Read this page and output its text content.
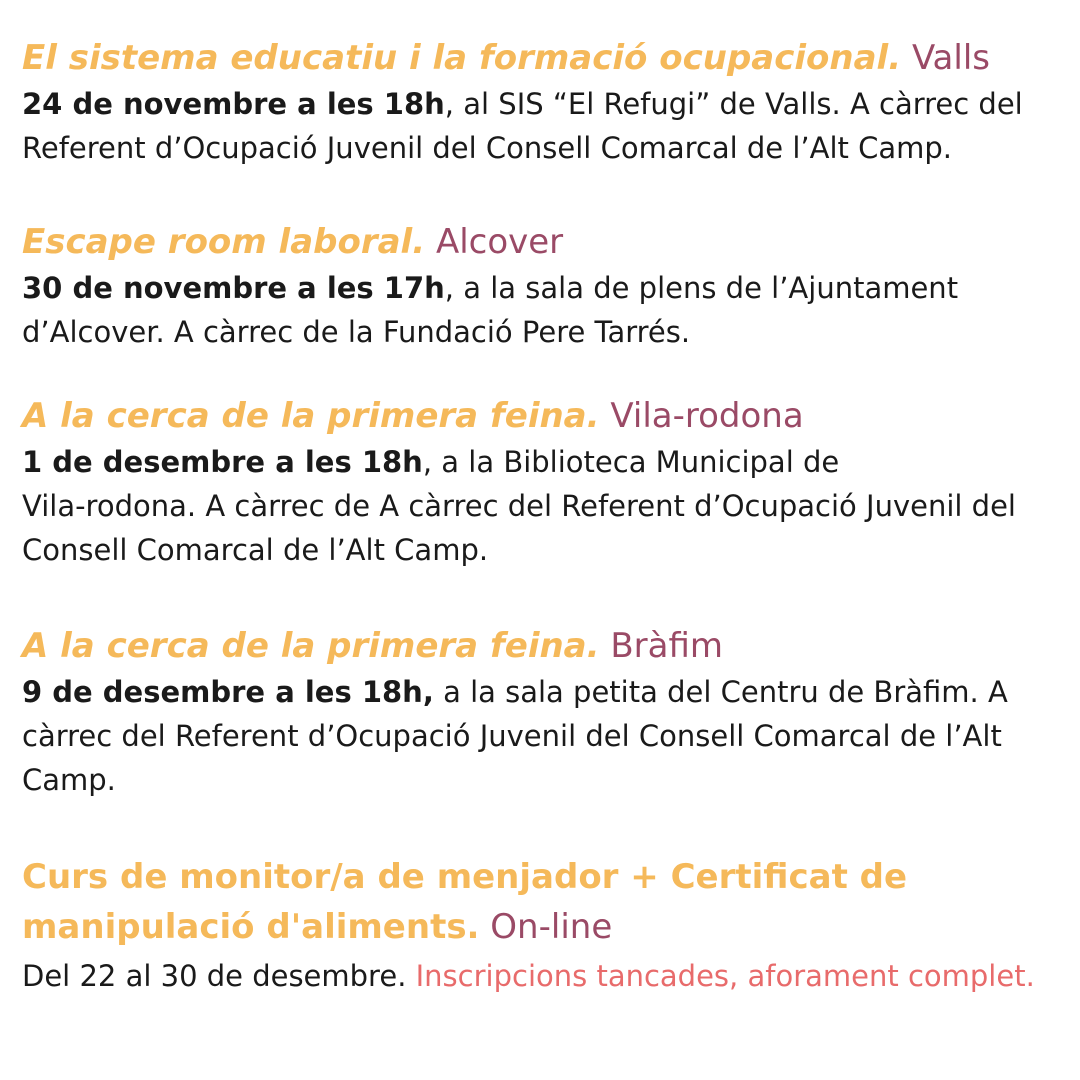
El sistema educatiu i la formació ocupacional. Valls
24 de novembre a les 18h, al SIS “El Refugi” de Valls. A càrrec del
Referent d’Ocupació Juvenil del Consell Comarcal de l’Alt Camp.
Escape room laboral. Alcover
30 de novembre a les 17h, a la sala de plens de l’Ajuntament
d’Alcover. A càrrec de la Fundació Pere Tarrés.
A la cerca de la primera feina. Vila-rodona
1 de desembre a les 18h, a la Biblioteca Municipal de
Vila-rodona. A càrrec de A càrrec del Referent d’Ocupació Juvenil del
Consell Comarcal de l’Alt Camp.
A la cerca de la primera feina. Bràfim
9 de desembre a les 18h, a la sala petita del Centru de Bràfim. A
càrrec del Referent d’Ocupació Juvenil del Consell Comarcal de l’Alt
Camp.
Curs de monitor/a de menjador + Certificat de
manipulació d'aliments. On-line
Del 22 al 30 de desembre. Inscripcions tancades, aforament complet.
